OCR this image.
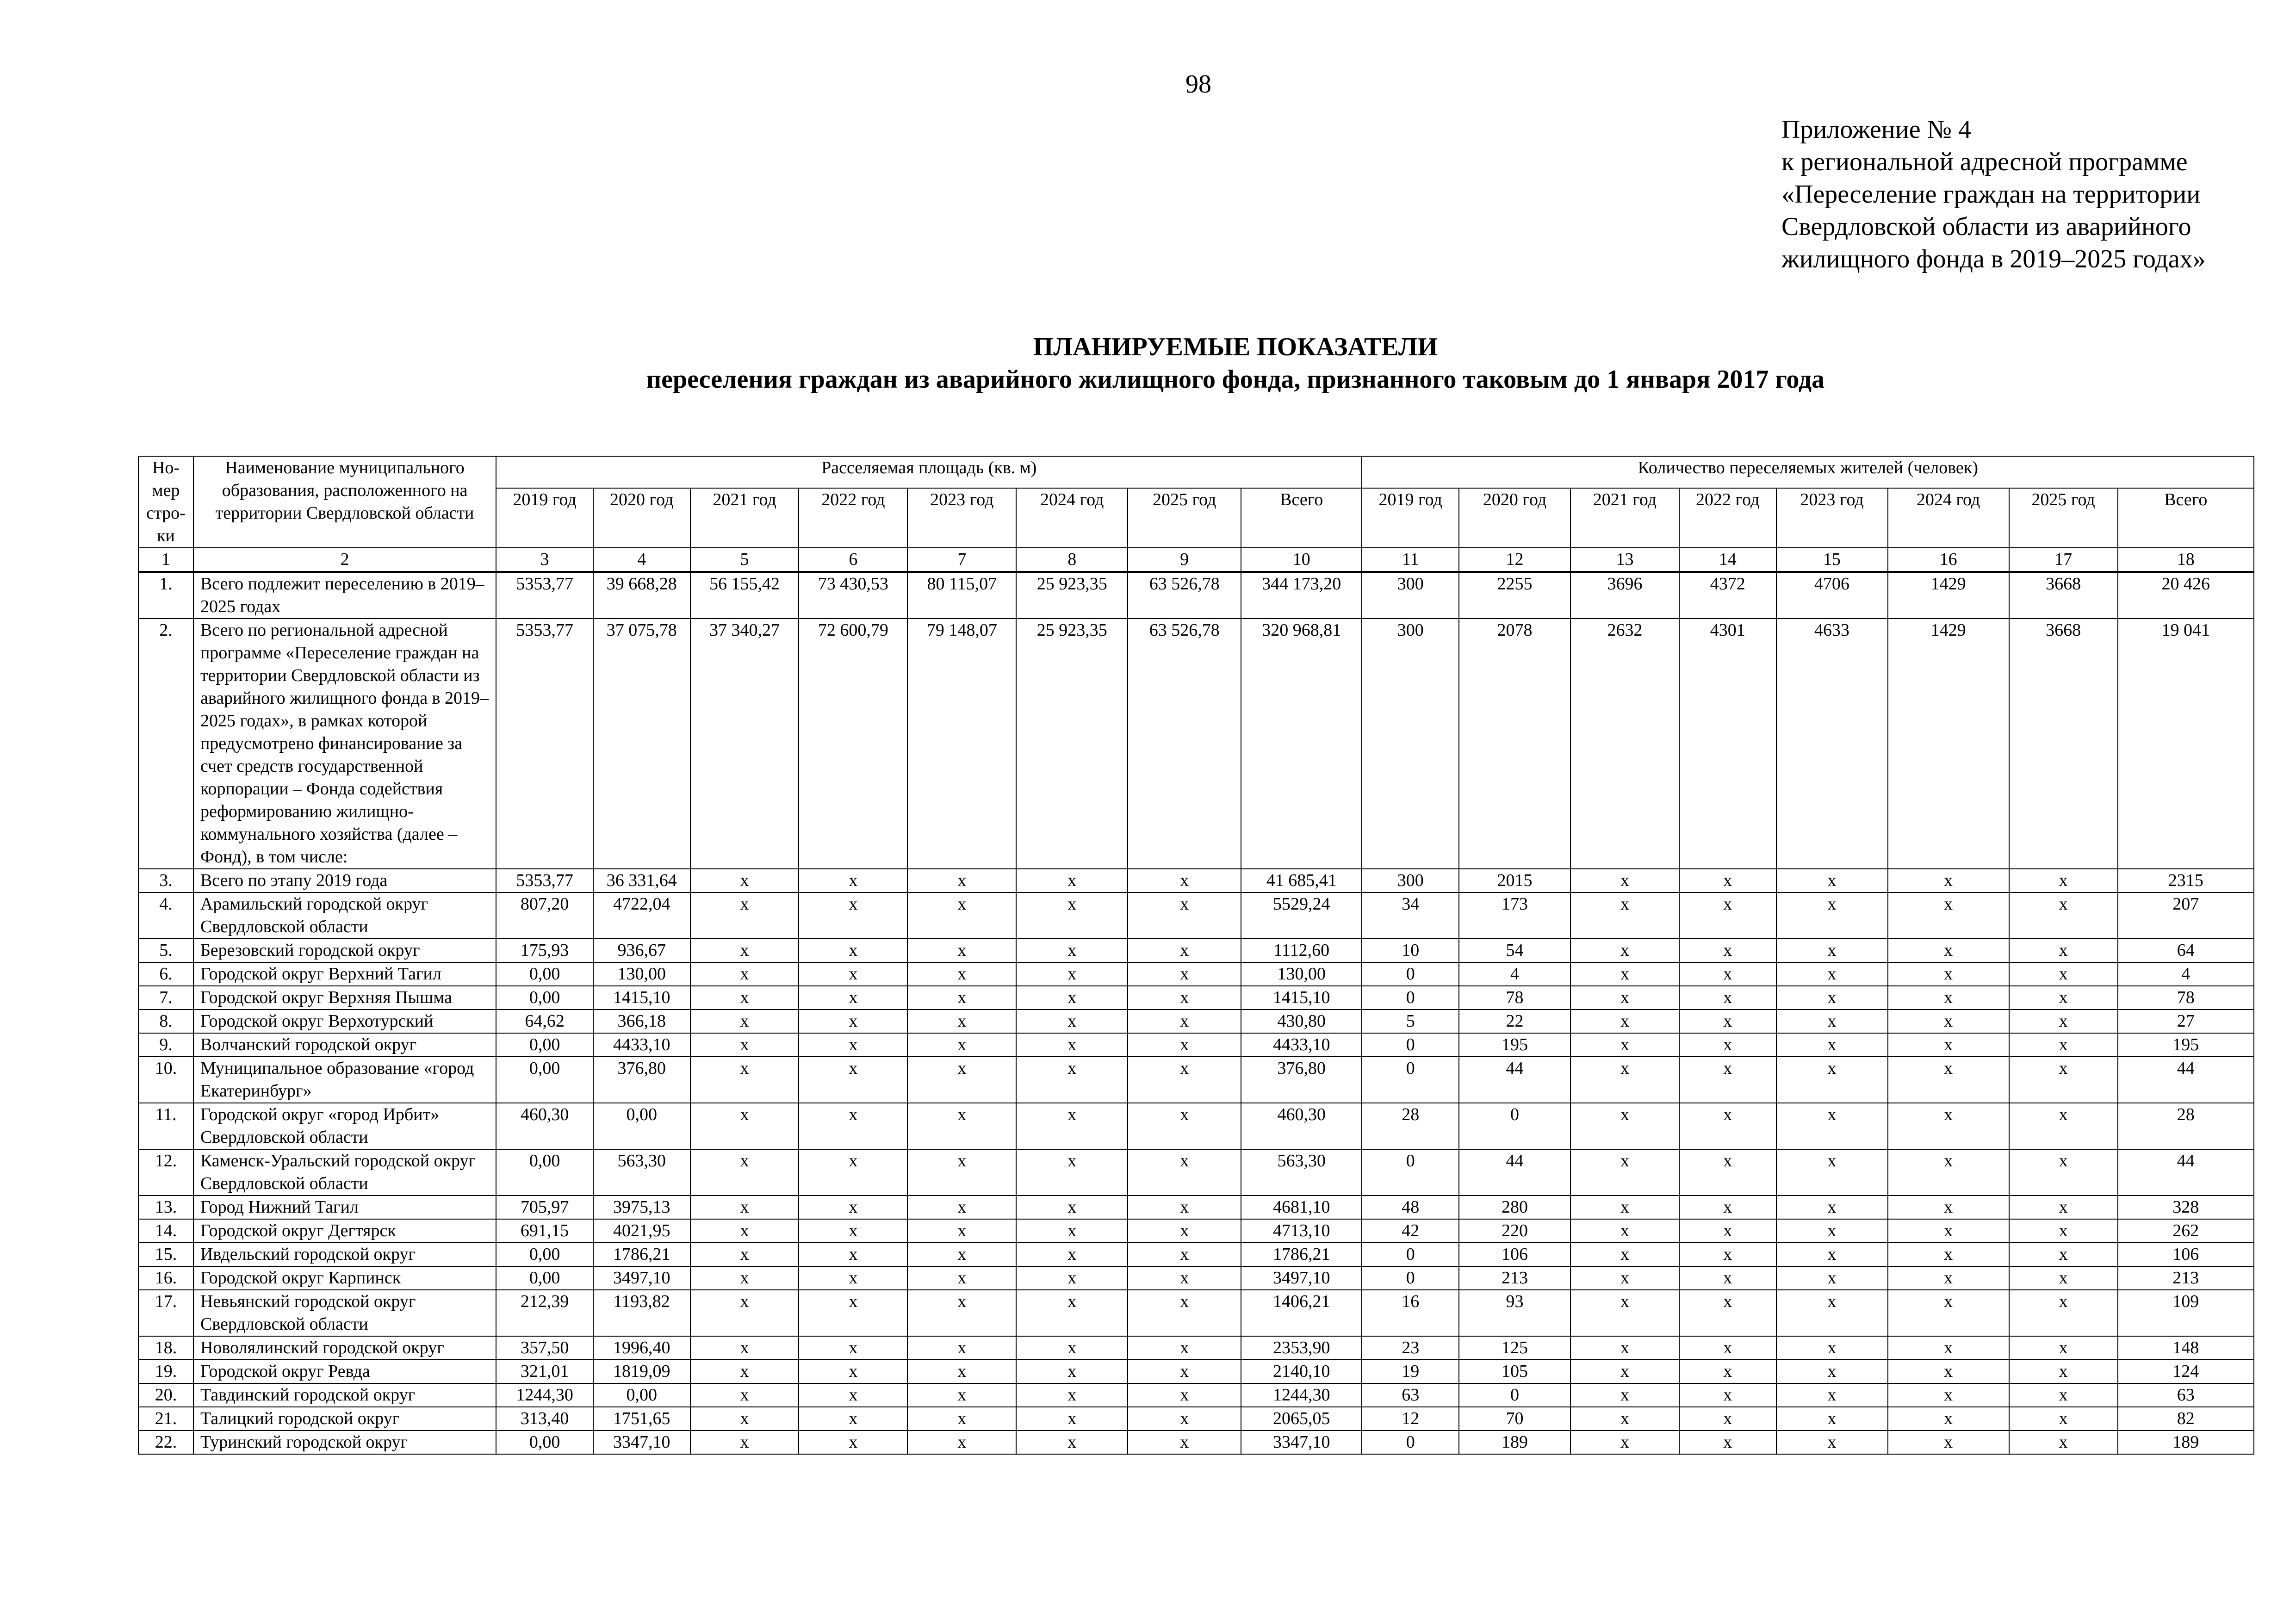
98
Приложение № 4
к региональной адресной программе
«Переселение граждан на территории
Свердловской области из аварийного
жилищного фонда в 2019–2025 годах»
ПЛАНИРУЕМЫЕ ПОКАЗАТЕЛИ
переселения граждан из аварийного жилищного фонда, признанного таковым до 1 января 2017 года
Но-мер стро-ки	Наименование муниципального образования, расположенного на территории Свердловской области	Расселяемая площадь (кв. м)								Количество переселяемых жителей (человек)							
		2019 год	2020 год	2021 год	2022 год	2023 год	2024 год	2025 год	Всего	2019 год	2020 год	2021 год	2022 год	2023 год	2024 год	2025 год	Всего
1	2	3	4	5	6	7	8	9	10	11	12	13	14	15	16	17	18
1.	Всего подлежит переселению в 2019–2025 годах	5353,77	39 668,28	56 155,42	73 430,53	80 115,07	25 923,35	63 526,78	344 173,20	300	2255	3696	4372	4706	1429	3668	20 426
2.	Всего по региональной адресной программе «Переселение граждан на территории Свердловской области из аварийного жилищного фонда в 2019–2025 годах», в рамках которой предусмотрено финансирование за счет средств государственной корпорации – Фонда содействия реформированию жилищно-коммунального хозяйства (далее – Фонд), в том числе:	5353,77	37 075,78	37 340,27	72 600,79	79 148,07	25 923,35	63 526,78	320 968,81	300	2078	2632	4301	4633	1429	3668	19 041
3.	Всего по этапу 2019 года	5353,77	36 331,64	x	x	x	x	x	41 685,41	300	2015	x	x	x	x	x	2315
4.	Арамильский городской округ Свердловской области	807,20	4722,04	x	x	x	x	x	5529,24	34	173	x	x	x	x	x	207
5.	Березовский городской округ	175,93	936,67	x	x	x	x	x	1112,60	10	54	x	x	x	x	x	64
6.	Городской округ Верхний Тагил	0,00	130,00	x	x	x	x	x	130,00	0	4	x	x	x	x	x	4
7.	Городской округ Верхняя Пышма	0,00	1415,10	x	x	x	x	x	1415,10	0	78	x	x	x	x	x	78
8.	Городской округ Верхотурский	64,62	366,18	x	x	x	x	x	430,80	5	22	x	x	x	x	x	27
9.	Волчанский городской округ	0,00	4433,10	x	x	x	x	x	4433,10	0	195	x	x	x	x	x	195
10.	Муниципальное образование «город Екатеринбург»	0,00	376,80	x	x	x	x	x	376,80	0	44	x	x	x	x	x	44
11.	Городской округ «город Ирбит» Свердловской области	460,30	0,00	x	x	x	x	x	460,30	28	0	x	x	x	x	x	28
12.	Каменск-Уральский городской округ Свердловской области	0,00	563,30	x	x	x	x	x	563,30	0	44	x	x	x	x	x	44
13.	Город Нижний Тагил	705,97	3975,13	x	x	x	x	x	4681,10	48	280	x	x	x	x	x	328
14.	Городской округ Дегтярск	691,15	4021,95	x	x	x	x	x	4713,10	42	220	x	x	x	x	x	262
15.	Ивдельский городской округ	0,00	1786,21	x	x	x	x	x	1786,21	0	106	x	x	x	x	x	106
16.	Городской округ Карпинск	0,00	3497,10	x	x	x	x	x	3497,10	0	213	x	x	x	x	x	213
17.	Невьянский городской округ Свердловской области	212,39	1193,82	x	x	x	x	x	1406,21	16	93	x	x	x	x	x	109
18.	Новолялинский городской округ	357,50	1996,40	x	x	x	x	x	2353,90	23	125	x	x	x	x	x	148
19.	Городской округ Ревда	321,01	1819,09	x	x	x	x	x	2140,10	19	105	x	x	x	x	x	124
20.	Тавдинский городской округ	1244,30	0,00	x	x	x	x	x	1244,30	63	0	x	x	x	x	x	63
21.	Талицкий городской округ	313,40	1751,65	x	x	x	x	x	2065,05	12	70	x	x	x	x	x	82
22.	Туринский городской округ	0,00	3347,10	x	x	x	x	x	3347,10	0	189	x	x	x	x	x	189
